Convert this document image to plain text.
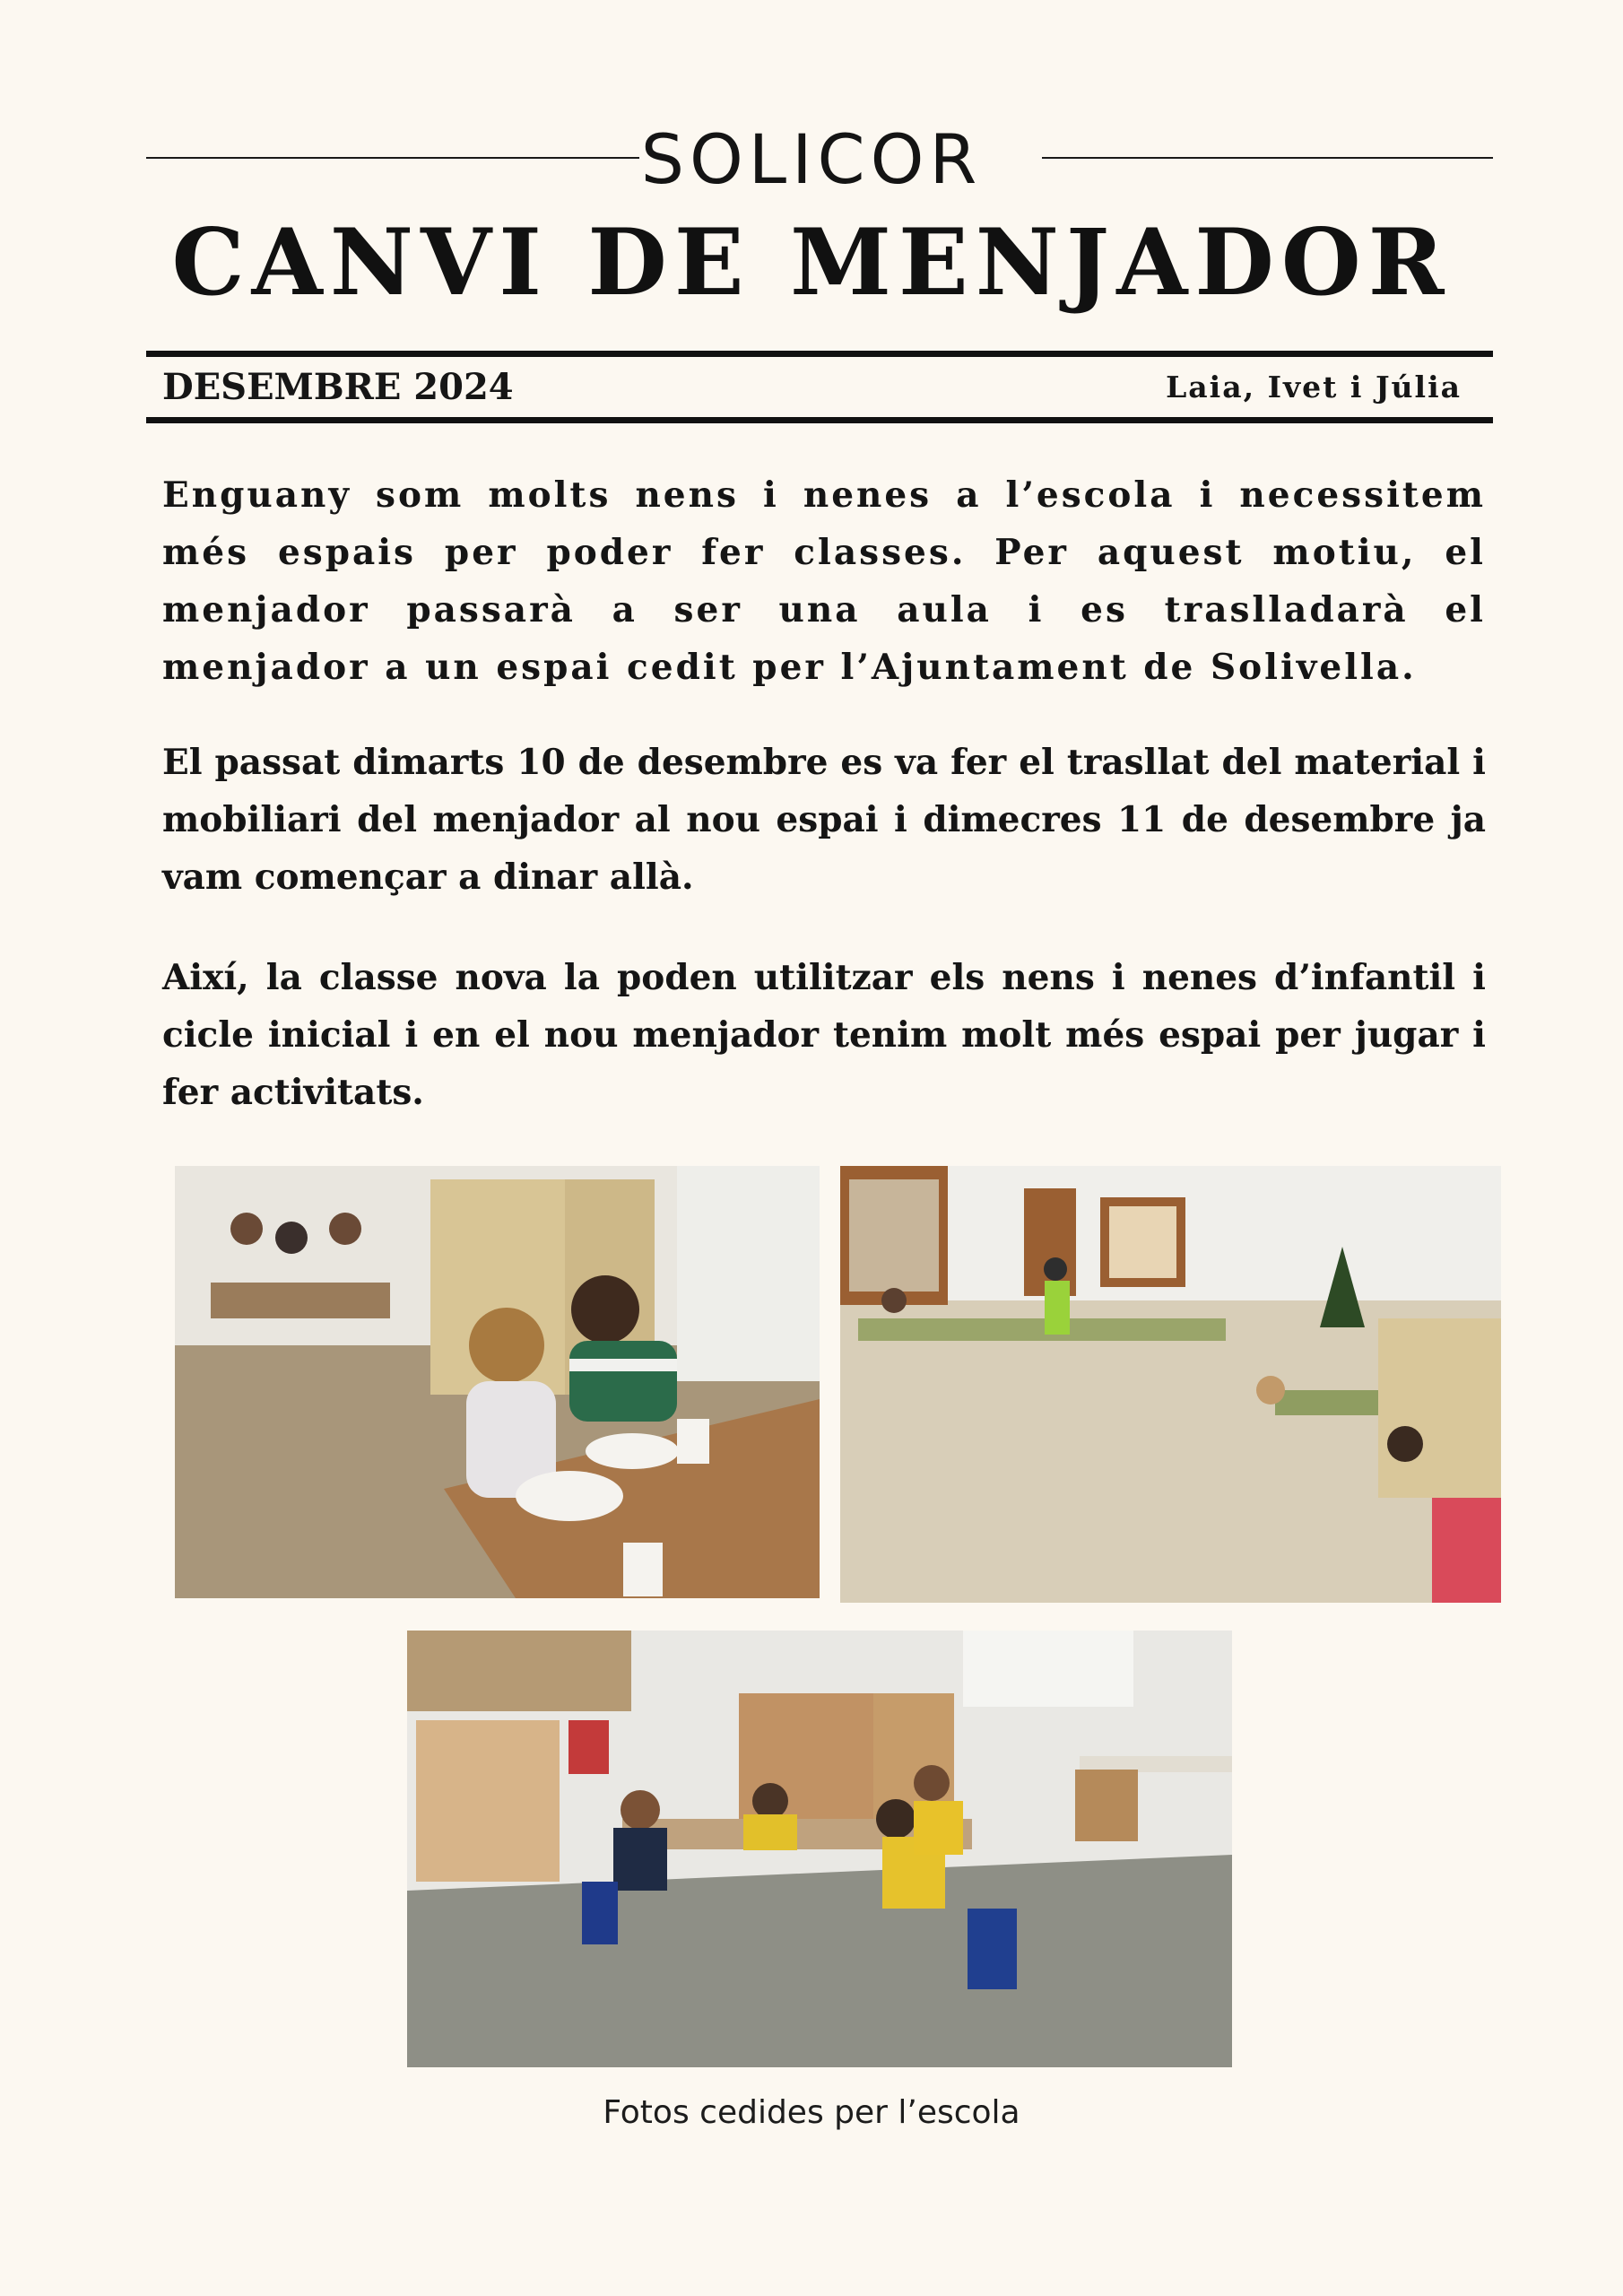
SOLICOR
CANVI DE MENJADOR
DESEMBRE 2024	Laia, Ivet i Júlia

Enguany som molts nens i nenes a l’escola i necessitem més espais per poder fer classes. Per aquest motiu, el menjador passarà a ser una aula i es traslladarà el menjador a un espai cedit per l’Ajuntament de Solivella.

El passat dimarts 10 de desembre es va fer el trasllat del material i mobiliari del menjador al nou espai i dimecres 11 de desembre ja vam començar a dinar allà.

Així, la classe nova la poden utilitzar els nens i nenes d’infantil i cicle inicial i en el nou menjador tenim molt més espai per jugar i fer activitats.

Fotos cedides per l’escola
